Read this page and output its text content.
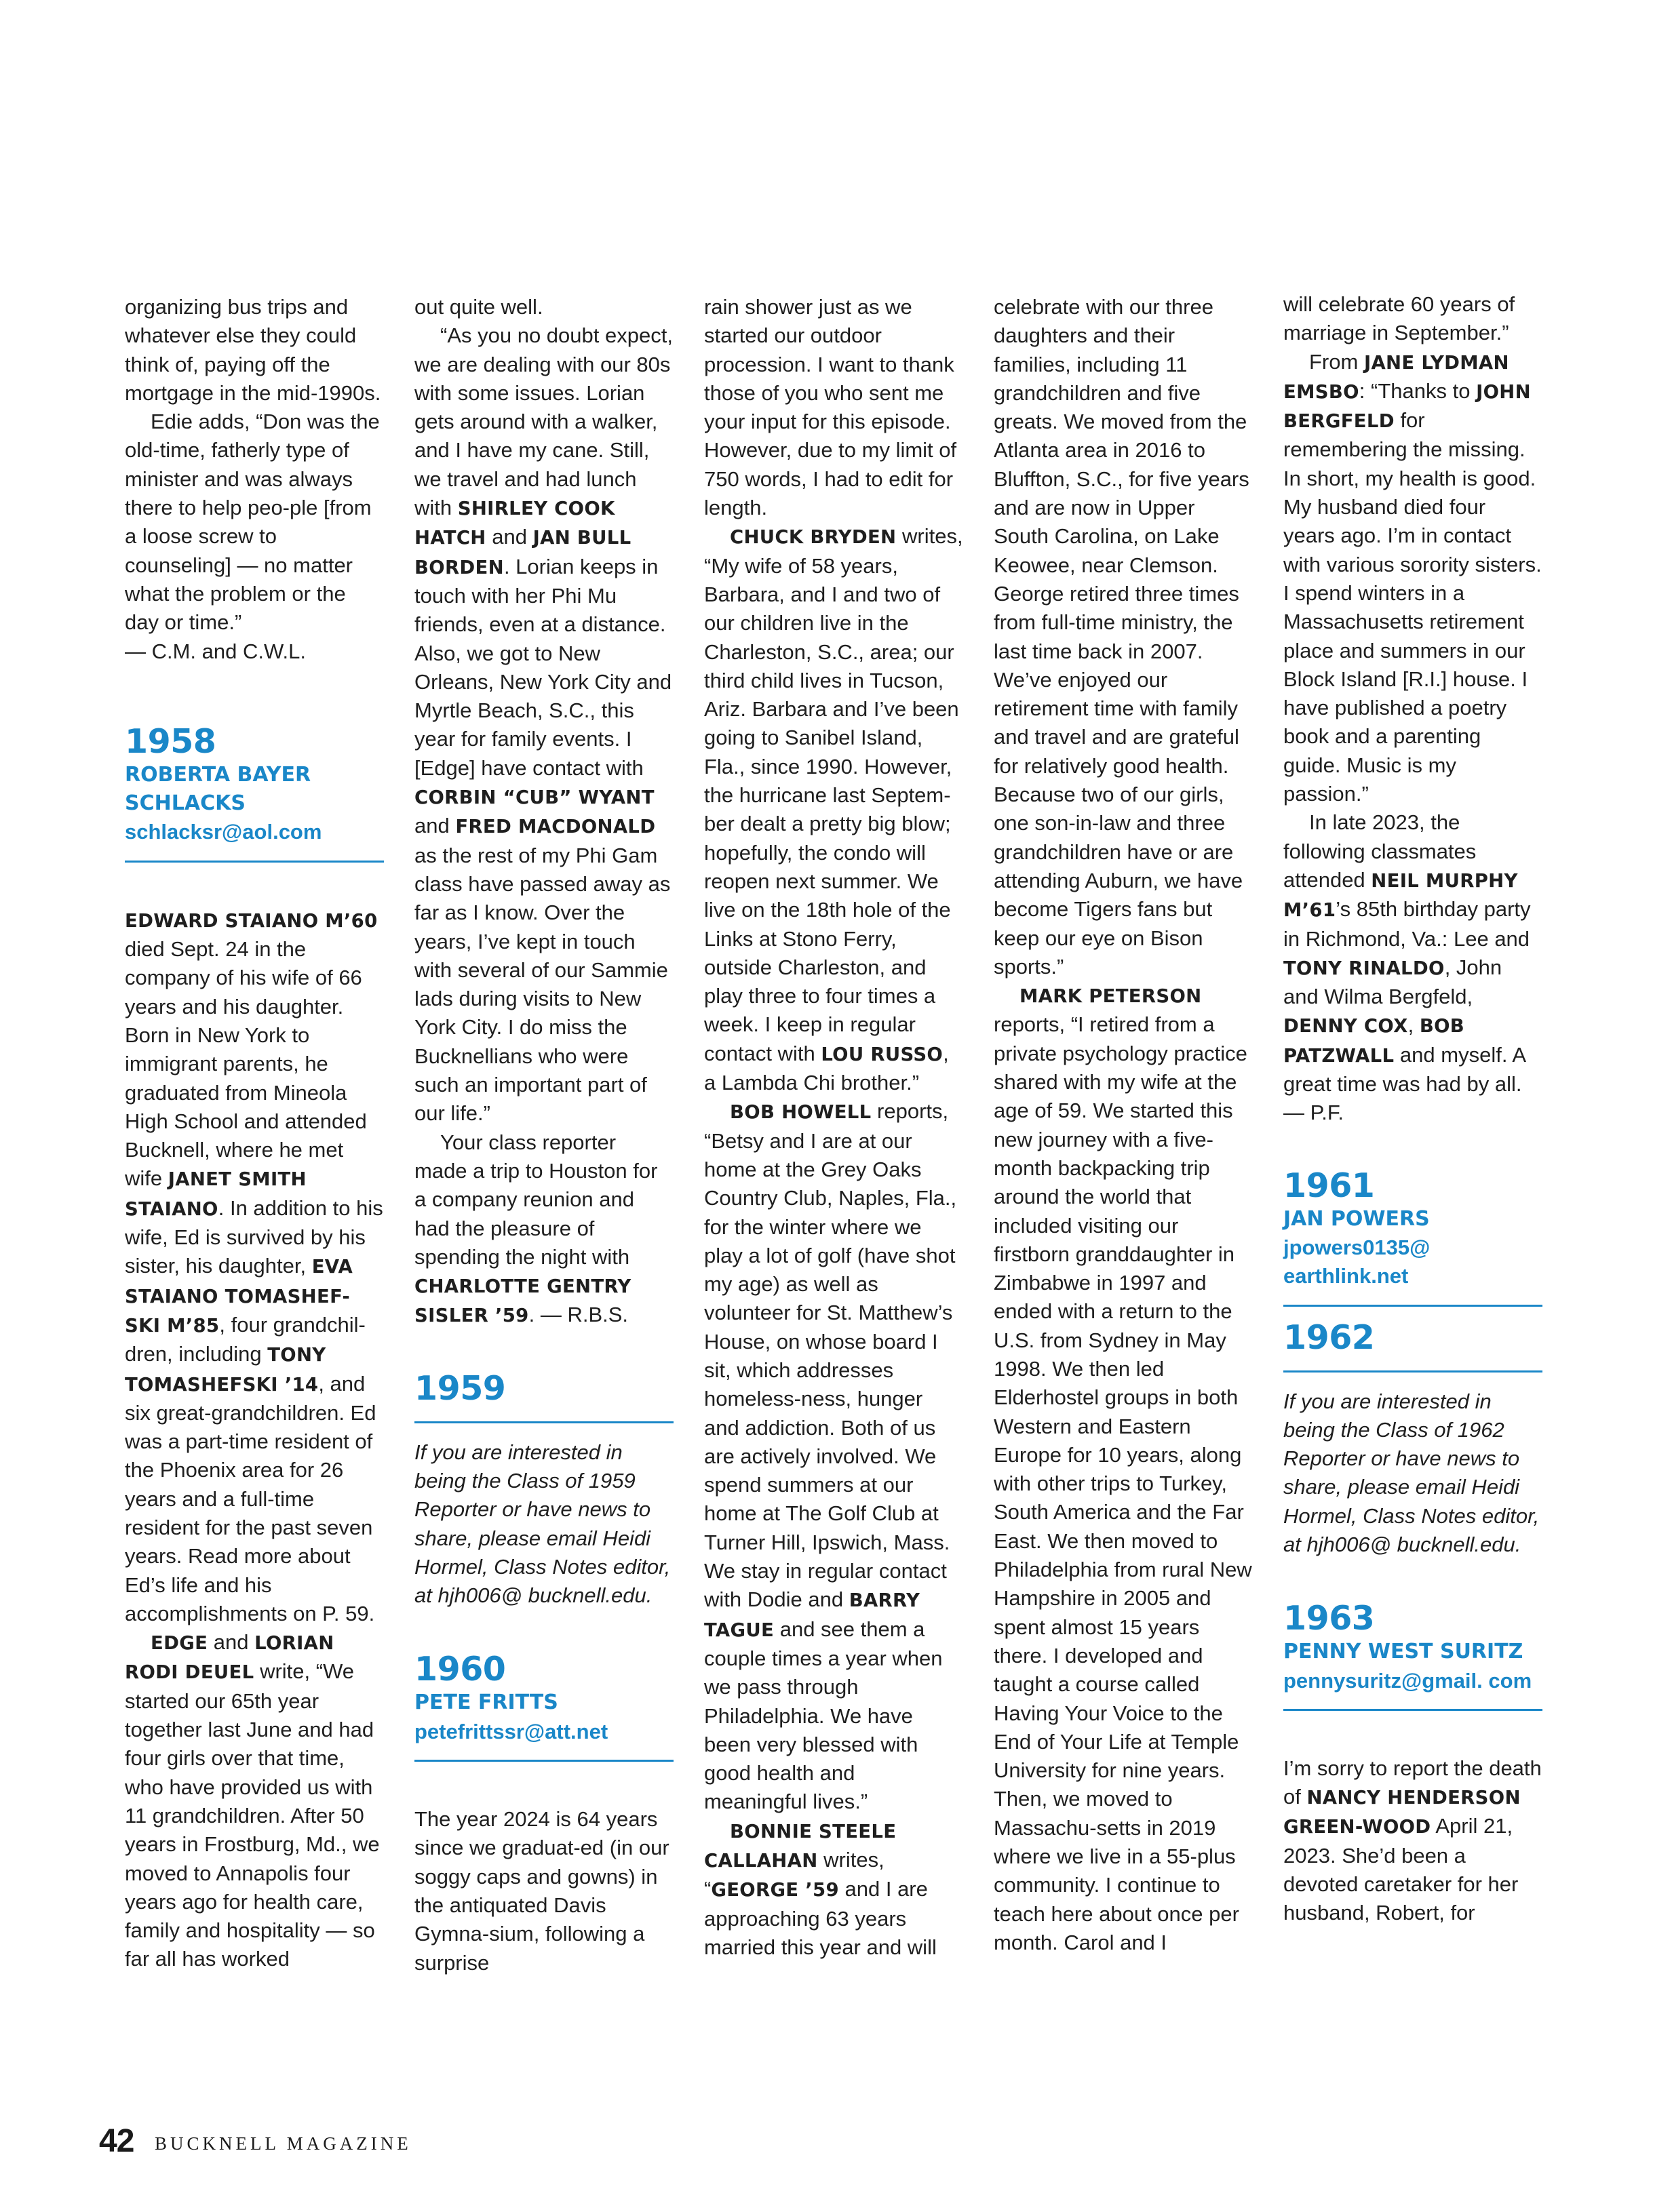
organizing bus trips and whatever else they could think of, paying off the mortgage in the mid-1990s.

Edie adds, “Don was the old-time, fatherly type of minister and was always there to help peo-ple [from a loose screw to counseling] — no matter what the problem or the day or time.”

— C.M. and C.W.L.

1958
ROBERTA BAYER SCHLACKS
schlacksr@aol.com

EDWARD STAIANO M’60 died Sept. 24 in the company of his wife of 66 years and his daughter. Born in New York to immigrant parents, he graduated from Mineola High School and attended Bucknell, where he met wife JANET SMITH STAIANO. In addition to his wife, Ed is survived by his sister, his daughter, EVA STAIANO TOMASHEF-SKI M’85, four grandchil-dren, including TONY TOMASHEFSKI ’14, and six great-grandchildren. Ed was a part-time resident of the Phoenix area for 26 years and a full-time resident for the past seven years. Read more about Ed’s life and his accomplishments on P. 59.

EDGE and LORIAN RODI DEUEL write, “We started our 65th year together last June and had four girls over that time, who have provided us with 11 grandchildren. After 50 years in Frostburg, Md., we moved to Annapolis four years ago for health care, family and hospitality — so far all has worked

out quite well.

“As you no doubt expect, we are dealing with our 80s with some issues. Lorian gets around with a walker, and I have my cane. Still, we travel and had lunch with SHIRLEY COOK HATCH and JAN BULL BORDEN. Lorian keeps in touch with her Phi Mu friends, even at a distance. Also, we got to New Orleans, New York City and Myrtle Beach, S.C., this year for family events. I [Edge] have contact with CORBIN “CUB” WYANT and FRED MACDONALD as the rest of my Phi Gam class have passed away as far as I know. Over the years, I’ve kept in touch with several of our Sammie lads during visits to New York City. I do miss the Bucknellians who were such an important part of our life.”

Your class reporter made a trip to Houston for a company reunion and had the pleasure of spending the night with CHARLOTTE GENTRY SISLER ’59. — R.B.S.

1959
If you are interested in being the Class of 1959 Reporter or have news to share, please email Heidi Hormel, Class Notes editor, at hjh006@ bucknell.edu.
1960
PETE FRITTS
petefrittssr@att.net

The year 2024 is 64 years since we graduat-ed (in our soggy caps and gowns) in the antiquated Davis Gymna-sium, following a surprise

rain shower just as we started our outdoor procession. I want to thank those of you who sent me your input for this episode. However, due to my limit of 750 words, I had to edit for length.

CHUCK BRYDEN writes, “My wife of 58 years, Barbara, and I and two of our children live in the Charleston, S.C., area; our third child lives in Tucson, Ariz. Barbara and I’ve been going to Sanibel Island, Fla., since 1990. However, the hurricane last Septem-ber dealt a pretty big blow; hopefully, the condo will reopen next summer. We live on the 18th hole of the Links at Stono Ferry, outside Charleston, and play three to four times a week. I keep in regular contact with LOU RUSSO, a Lambda Chi brother.”

BOB HOWELL reports, “Betsy and I are at our home at the Grey Oaks Country Club, Naples, Fla., for the winter where we play a lot of golf (have shot my age) as well as volunteer for St. Matthew’s House, on whose board I sit, which addresses homeless-ness, hunger and addiction. Both of us are actively involved. We spend summers at our home at The Golf Club at Turner Hill, Ipswich, Mass. We stay in regular contact with Dodie and BARRY TAGUE and see them a couple times a year when we pass through Philadelphia. We have been very blessed with good health and meaningful lives.”

BONNIE STEELE CALLAHAN writes, “GEORGE ’59 and I are approaching 63 years married this year and will

celebrate with our three daughters and their families, including 11 grandchildren and five greats. We moved from the Atlanta area in 2016 to Bluffton, S.C., for five years and are now in Upper South Carolina, on Lake Keowee, near Clemson. George retired three times from full-time ministry, the last time back in 2007. We’ve enjoyed our retirement time with family and travel and are grateful for relatively good health. Because two of our girls, one son-in-law and three grandchildren have or are attending Auburn, we have become Tigers fans but keep our eye on Bison sports.”

MARK PETERSON reports, “I retired from a private psychology practice shared with my wife at the age of 59. We started this new journey with a five-month backpacking trip around the world that included visiting our firstborn granddaughter in Zimbabwe in 1997 and ended with a return to the U.S. from Sydney in May 1998. We then led Elderhostel groups in both Western and Eastern Europe for 10 years, along with other trips to Turkey, South America and the Far East. We then moved to Philadelphia from rural New Hampshire in 2005 and spent almost 15 years there. I developed and taught a course called Having Your Voice to the End of Your Life at Temple University for nine years. Then, we moved to Massachu-setts in 2019 where we live in a 55-plus community. I continue to teach here about once per month. Carol and I

will celebrate 60 years of marriage in September.”

From JANE LYDMAN EMSBO: “Thanks to JOHN BERGFELD for remembering the missing. In short, my health is good. My husband died four years ago. I’m in contact with various sorority sisters. I spend winters in a Massachusetts retirement place and summers in our Block Island [R.I.] house. I have published a poetry book and a parenting guide. Music is my passion.”

In late 2023, the following classmates attended NEIL MURPHY M’61’s 85th birthday party in Richmond, Va.: Lee and TONY RINALDO, John and Wilma Bergfeld, DENNY COX, BOB PATZWALL and myself. A great time was had by all. — P.F.

1961
JAN POWERS
jpowers0135@ earthlink.net
1962
If you are interested in being the Class of 1962 Reporter or have news to share, please email Heidi Hormel, Class Notes editor, at hjh006@ bucknell.edu.
1963
PENNY WEST SURITZ
pennysuritz@gmail. com

I’m sorry to report the death of NANCY HENDERSON GREEN-WOOD April 21, 2023. She’d been a devoted caretaker for her husband, Robert, for

42 BUCKNELL MAGAZINE
